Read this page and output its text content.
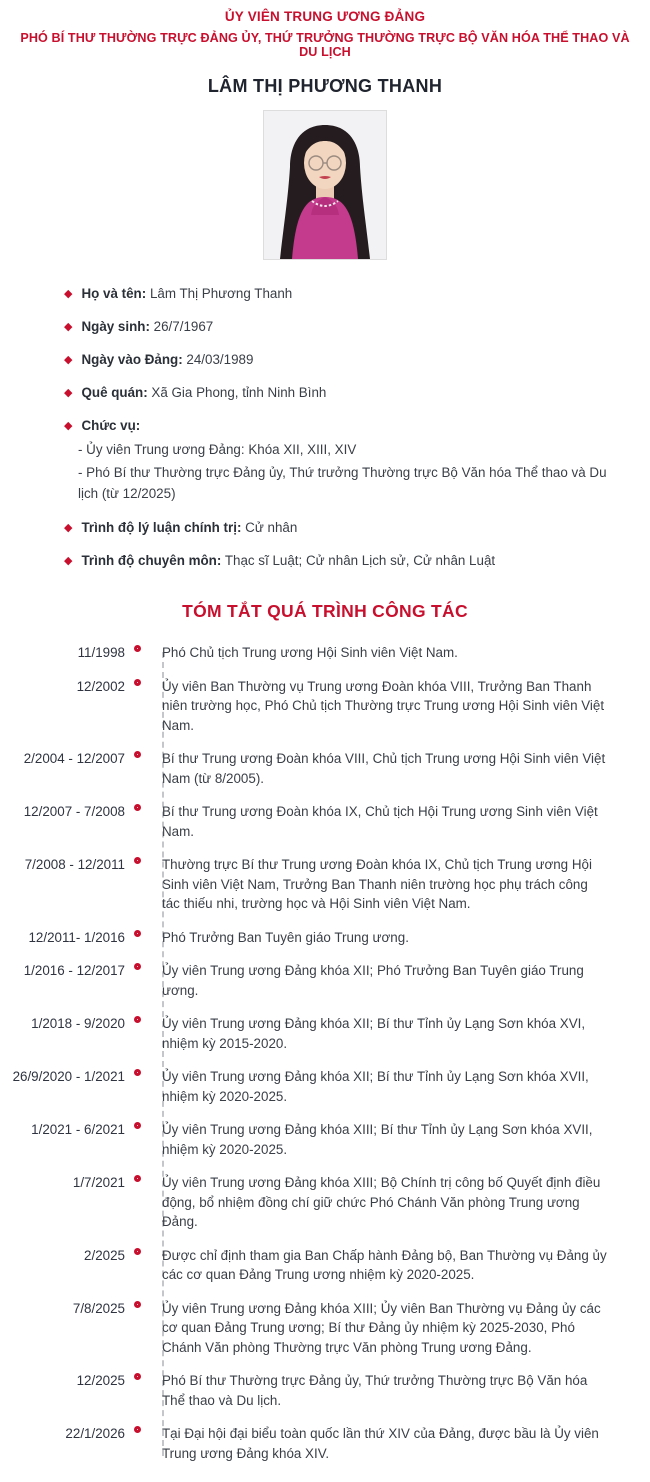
ỦY VIÊN TRUNG ƯƠNG ĐẢNG
PHÓ BÍ THƯ THƯỜNG TRỰC ĐẢNG ỦY, THỨ TRƯỞNG THƯỜNG TRỰC BỘ VĂN HÓA THỂ THAO VÀ DU LỊCH
LÂM THỊ PHƯƠNG THANH
◆ Họ và tên: Lâm Thị Phương Thanh
◆ Ngày sinh: 26/7/1967
◆ Ngày vào Đảng: 24/03/1989
◆ Quê quán: Xã Gia Phong, tỉnh Ninh Bình
◆ Chức vụ:
- Ủy viên Trung ương Đảng: Khóa XII, XIII, XIV
- Phó Bí thư Thường trực Đảng ủy, Thứ trưởng Thường trực Bộ Văn hóa Thể thao và Du lịch (từ 12/2025)
◆ Trình độ lý luận chính trị: Cử nhân
◆ Trình độ chuyên môn: Thạc sĩ Luật; Cử nhân Lịch sử, Cử nhân Luật
TÓM TẮT QUÁ TRÌNH CÔNG TÁC
11/1998	Phó Chủ tịch Trung ương Hội Sinh viên Việt Nam.
12/2002	Ủy viên Ban Thường vụ Trung ương Đoàn khóa VIII, Trưởng Ban Thanh niên trường học, Phó Chủ tịch Thường trực Trung ương Hội Sinh viên Việt Nam.
2/2004 - 12/2007	Bí thư Trung ương Đoàn khóa VIII, Chủ tịch Trung ương Hội Sinh viên Việt Nam (từ 8/2005).
12/2007 - 7/2008	Bí thư Trung ương Đoàn khóa IX, Chủ tịch Hội Trung ương Sinh viên Việt Nam.
7/2008 - 12/2011	Thường trực Bí thư Trung ương Đoàn khóa IX, Chủ tịch Trung ương Hội Sinh viên Việt Nam, Trưởng Ban Thanh niên trường học phụ trách công tác thiếu nhi, trường học và Hội Sinh viên Việt Nam.
12/2011- 1/2016	Phó Trưởng Ban Tuyên giáo Trung ương.
1/2016 - 12/2017	Ủy viên Trung ương Đảng khóa XII; Phó Trưởng Ban Tuyên giáo Trung ương.
1/2018 - 9/2020	Ủy viên Trung ương Đảng khóa XII; Bí thư Tỉnh ủy Lạng Sơn khóa XVI, nhiệm kỳ 2015-2020.
26/9/2020 - 1/2021	Ủy viên Trung ương Đảng khóa XII; Bí thư Tỉnh ủy Lạng Sơn khóa XVII, nhiệm kỳ 2020-2025.
1/2021 - 6/2021	Ủy viên Trung ương Đảng khóa XIII; Bí thư Tỉnh ủy Lạng Sơn khóa XVII, nhiệm kỳ 2020-2025.
1/7/2021	Ủy viên Trung ương Đảng khóa XIII; Bộ Chính trị công bố Quyết định điều động, bổ nhiệm đồng chí giữ chức Phó Chánh Văn phòng Trung ương Đảng.
2/2025	Được chỉ định tham gia Ban Chấp hành Đảng bộ, Ban Thường vụ Đảng ủy các cơ quan Đảng Trung ương nhiệm kỳ 2020-2025.
7/8/2025	Ủy viên Trung ương Đảng khóa XIII; Ủy viên Ban Thường vụ Đảng ủy các cơ quan Đảng Trung ương; Bí thư Đảng ủy nhiệm kỳ 2025-2030, Phó Chánh Văn phòng Thường trực Văn phòng Trung ương Đảng.
12/2025	Phó Bí thư Thường trực Đảng ủy, Thứ trưởng Thường trực Bộ Văn hóa Thể thao và Du lịch.
22/1/2026	Tại Đại hội đại biểu toàn quốc lần thứ XIV của Đảng, được bầu là Ủy viên Trung ương Đảng khóa XIV.
